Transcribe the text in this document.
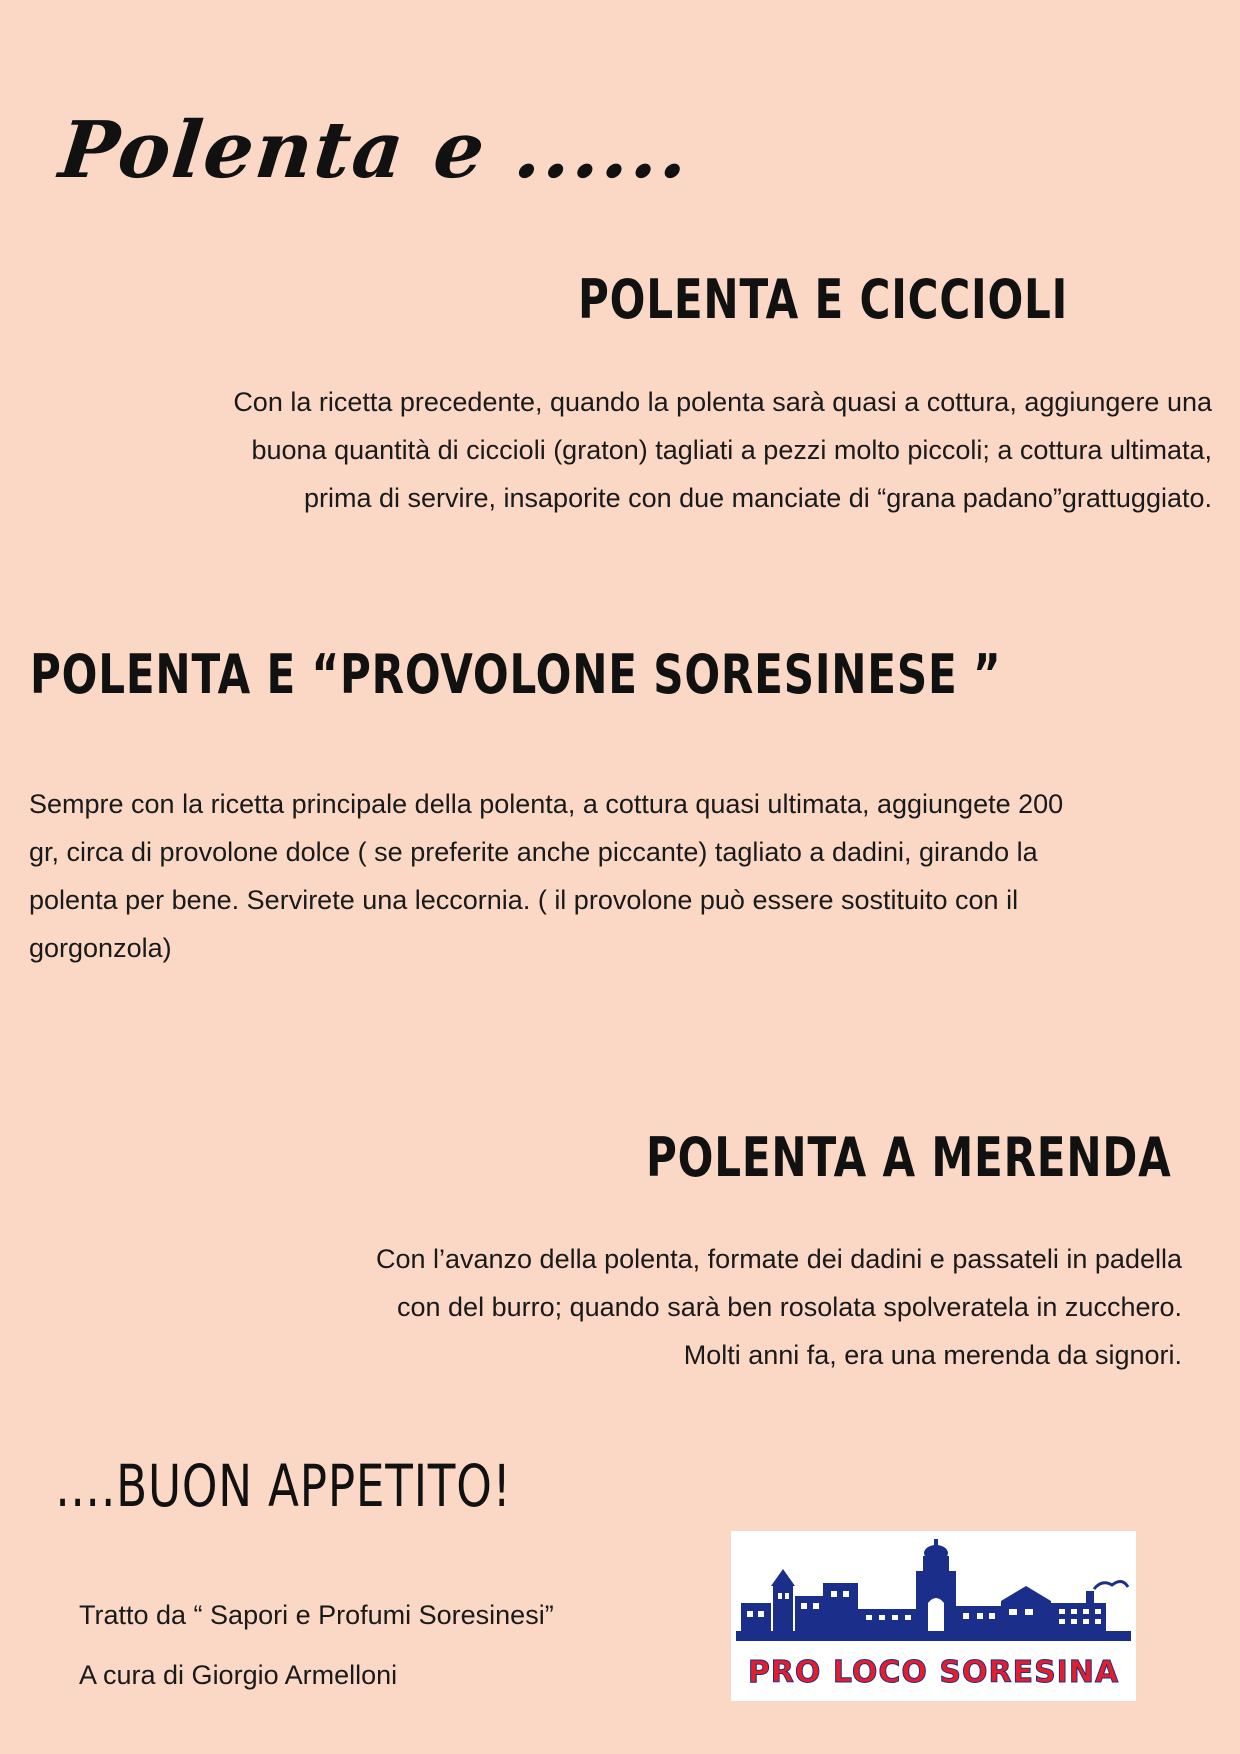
Polenta e ......
POLENTA E CICCIOLI
Con la ricetta precedente, quando la polenta sarà quasi a cottura, aggiungere una
buona quantità di ciccioli (graton) tagliati a pezzi molto piccoli; a cottura ultimata,
prima di servire, insaporite con due manciate di “grana padano”grattuggiato.
POLENTA E “PROVOLONE SORESINESE ”
Sempre con la ricetta principale della polenta, a cottura quasi ultimata, aggiungete 200
gr, circa di provolone dolce ( se preferite anche piccante) tagliato a dadini, girando la
polenta per bene. Servirete una leccornia. ( il provolone può essere sostituito con il
gorgonzola)
POLENTA A MERENDA
Con l’avanzo della polenta, formate dei dadini e passateli in padella
con del burro; quando sarà ben rosolata spolveratela in zucchero.
Molti anni fa, era una merenda da signori.
….BUON APPETITO!
Tratto da “ Sapori e Profumi Soresinesi”
A cura di Giorgio Armelloni	PRO LOCO SORESINA
